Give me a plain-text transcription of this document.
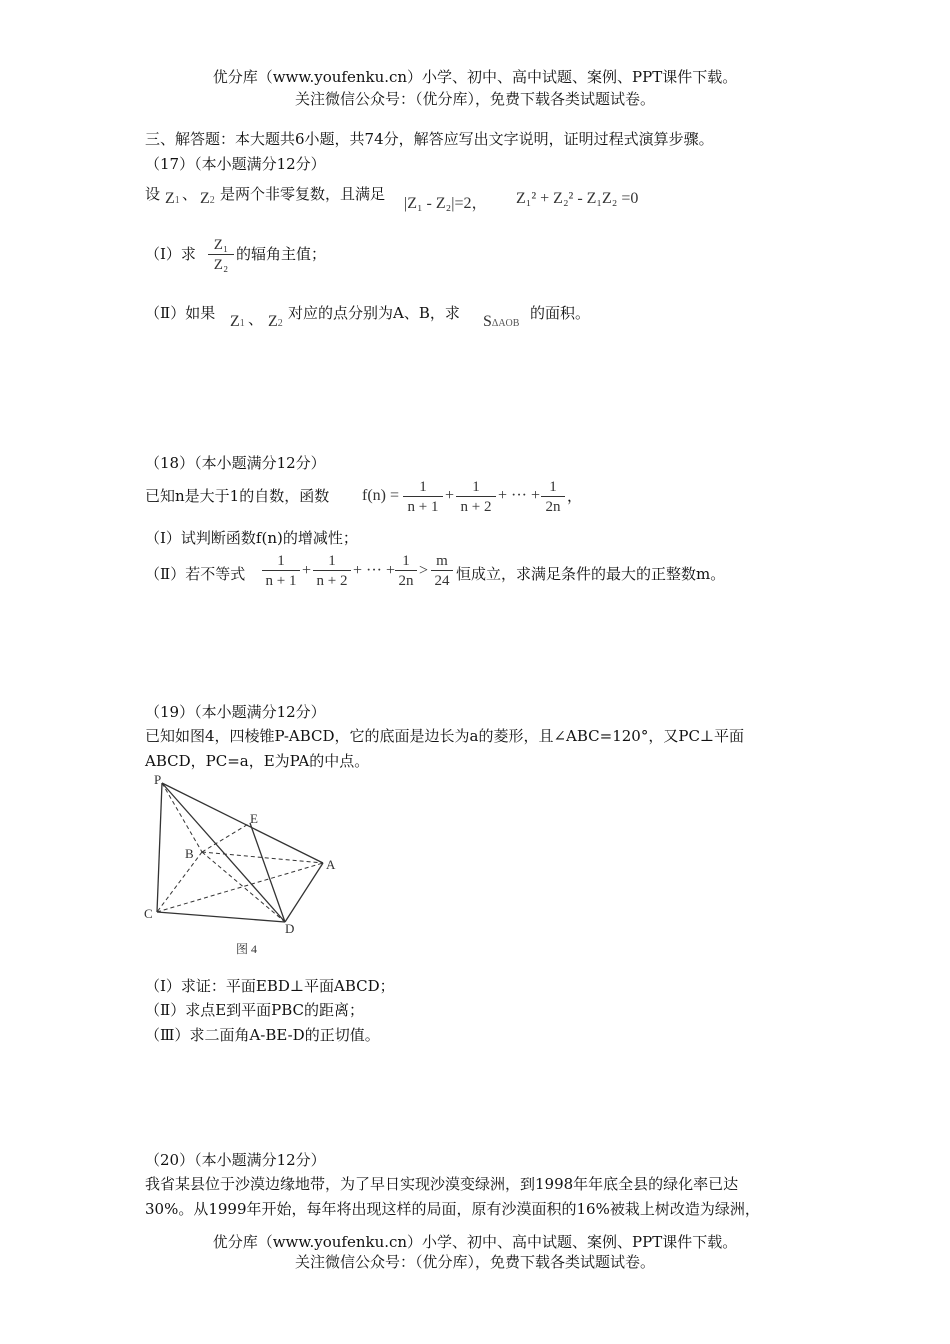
优分库（www.youfenku.cn）小学、初中、高中试题、案例、PPT课件下载。
关注微信公众号：（优分库），免费下载各类试题试卷。
三、解答题：本大题共6小题，共74分，解答应写出文字说明，证明过程式演算步骤。
（17）（本小题满分12分）
设 Z1 、 Z2 是两个非零复数，且满足
|Z₁ - Z₂|=2， Z₁² + Z₂² - Z₁Z₂ =0
（Ⅰ）求	Z₁
Z₂
的辐角主值；
（Ⅱ）如果 Z1 、 Z2
对应的点分别为A、B，求 SΔAOB
的面积。
（18）（本小题满分12分）
已知n是大于1的自数，函数 f(n) =	1
n + 1
+	1
n + 2
+ ··· + 1
2n
，
（Ⅰ）试判断函数f(n)的增减性；
（Ⅱ）若不等式
1
n + 1
+
1
n + 2
+ ··· +
1
2n
>
m
24 恒成立，求满足条件的最大的正整数m。
（19）（本小题满分12分）
已知如图4，四棱锥P-ABCD，它的底面是边长为a的菱形，且∠ABC=120°，又PC⊥平面
ABCD，PC=a，E为PA的中点。
P
E
B
A
C
D
图 4
（Ⅰ）求证：平面EBD⊥平面ABCD；
（Ⅱ）求点E到平面PBC的距离；
（Ⅲ）求二面角A-BE-D的正切值。
（20）（本小题满分12分）
我省某县位于沙漠边缘地带，为了早日实现沙漠变绿洲，到1998年年底全县的绿化率已达
30%。从1999年开始，每年将出现这样的局面，原有沙漠面积的16%被栽上树改造为绿洲，
优分库（www.youfenku.cn）小学、初中、高中试题、案例、PPT课件下载。
关注微信公众号：（优分库），免费下载各类试题试卷。
